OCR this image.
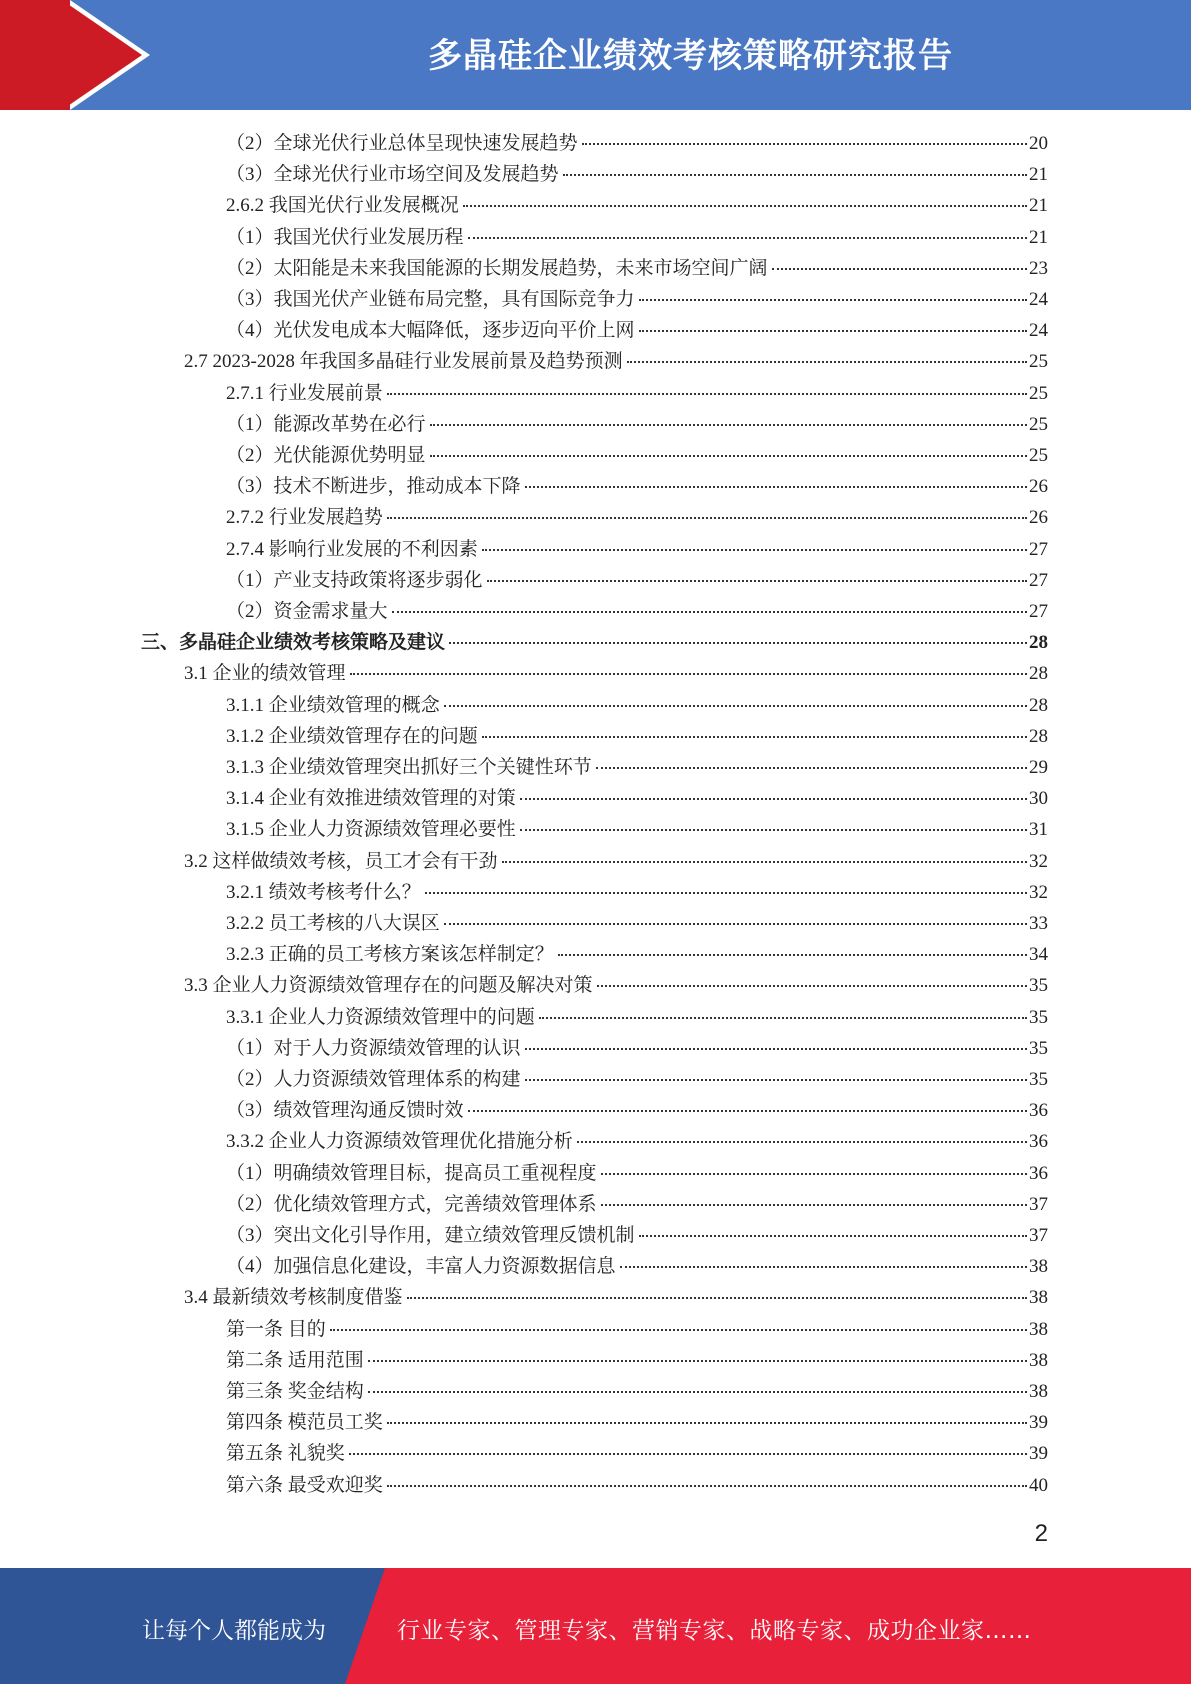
多晶硅企业绩效考核策略研究报告
（2）全球光伏行业总体呈现快速发展趋势	20
（3）全球光伏行业市场空间及发展趋势	21
2.6.2 我国光伏行业发展概况	21
（1）我国光伏行业发展历程	21
（2）太阳能是未来我国能源的长期发展趋势，未来市场空间广阔	23
（3）我国光伏产业链布局完整，具有国际竞争力	24
（4）光伏发电成本大幅降低，逐步迈向平价上网	24
2.7 2023-2028 年我国多晶硅行业发展前景及趋势预测	25
2.7.1 行业发展前景	25
（1）能源改革势在必行	25
（2）光伏能源优势明显	25
（3）技术不断进步，推动成本下降	26
2.7.2 行业发展趋势	26
2.7.4 影响行业发展的不利因素	27
（1）产业支持政策将逐步弱化	27
（2）资金需求量大	27
三、多晶硅企业绩效考核策略及建议	28
3.1 企业的绩效管理	28
3.1.1 企业绩效管理的概念	28
3.1.2 企业绩效管理存在的问题	28
3.1.3 企业绩效管理突出抓好三个关键性环节	29
3.1.4 企业有效推进绩效管理的对策	30
3.1.5 企业人力资源绩效管理必要性	31
3.2 这样做绩效考核，员工才会有干劲	32
3.2.1 绩效考核考什么？	32
3.2.2 员工考核的八大误区	33
3.2.3 正确的员工考核方案该怎样制定？	34
3.3 企业人力资源绩效管理存在的问题及解决对策	35
3.3.1 企业人力资源绩效管理中的问题	35
（1）对于人力资源绩效管理的认识	35
（2）人力资源绩效管理体系的构建	35
（3）绩效管理沟通反馈时效	36
3.3.2 企业人力资源绩效管理优化措施分析	36
（1）明确绩效管理目标，提高员工重视程度	36
（2）优化绩效管理方式，完善绩效管理体系	37
（3）突出文化引导作用，建立绩效管理反馈机制	37
（4）加强信息化建设，丰富人力资源数据信息	38
3.4 最新绩效考核制度借鉴	38
第一条 目的	38
第二条 适用范围	38
第三条 奖金结构	38
第四条 模范员工奖	39
第五条 礼貌奖	39
第六条 最受欢迎奖	40
2
让每个人都能成为	行业专家、管理专家、营销专家、战略专家、成功企业家……
